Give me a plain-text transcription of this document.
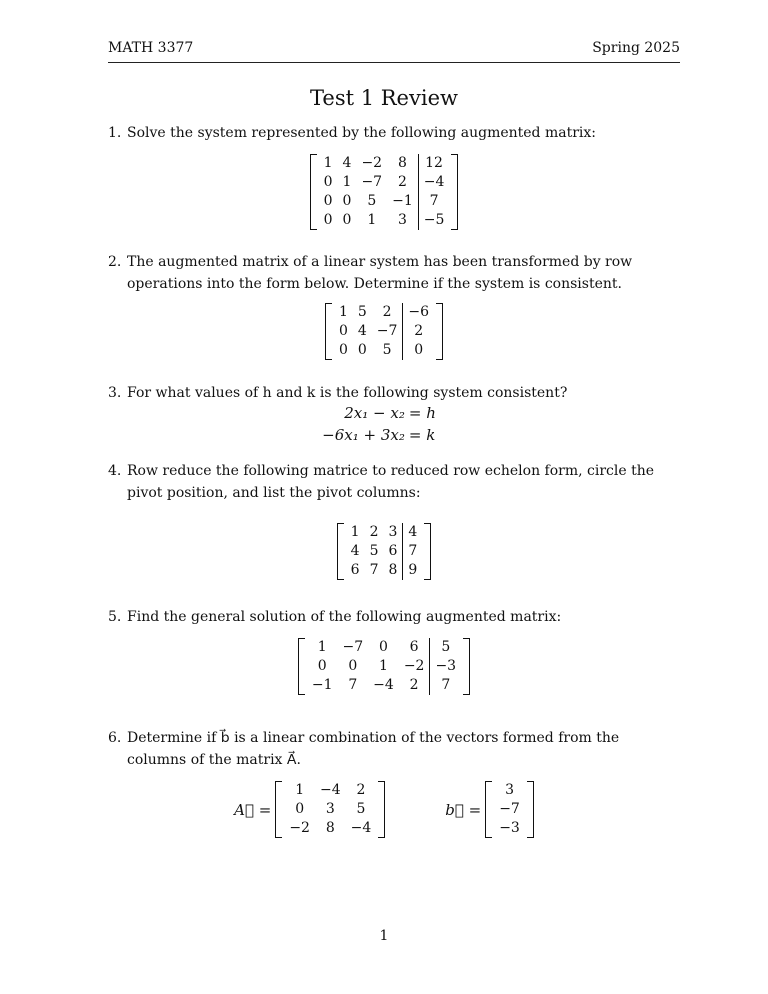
MATH 3377	Spring 2025
Test 1 Review
1. Solve the system represented by the following augmented matrix:
1	4	−2	8	12
0	1	−7	2	−4
0	0	5	−1	7
0	0	1	3	−5
2. The augmented matrix of a linear system has been transformed by row operations into the form below. Determine if the system is consistent.
1	5	2	−6
0	4	−7	2
0	0	5	0
3. For what values of h and k is the following system consistent?
2x₁ − x₂ = h
−6x₁ + 3x₂ = k
4. Row reduce the following matrice to reduced row echelon form, circle the pivot position, and list the pivot columns:
1	2	3	4
4	5	6	7
6	7	8	9
5. Find the general solution of the following augmented matrix:
1	−7	0	6	5
0	0	1	−2	−3
−1	7	−4	2	7
6. Determine if b⃗ is a linear combination of the vectors formed from the columns of the matrix A⃗.
A⃗ =
1	−4	2
0	3	5
−2	8	−4
b⃗ =
3
−7
−3
1
